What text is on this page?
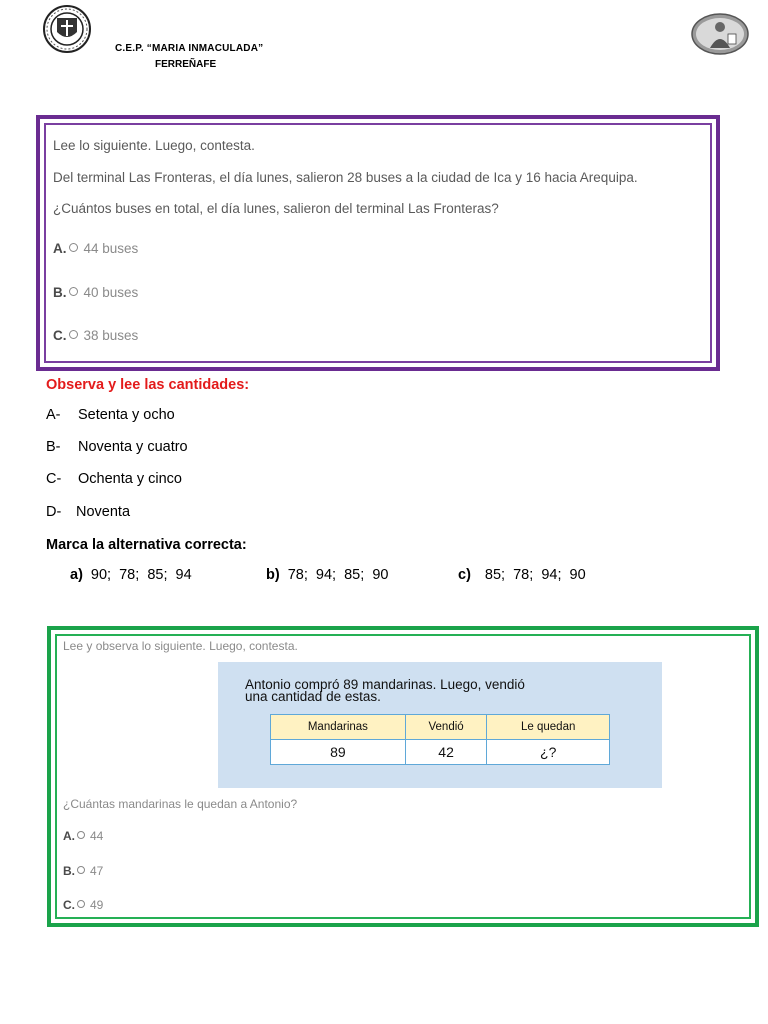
C.E.P. “MARIA INMACULADA”
FERREÑAFE
Lee lo siguiente. Luego, contesta.
Del terminal Las Fronteras, el día lunes, salieron 28 buses a la ciudad de Ica y 16 hacia Arequipa.
¿Cuántos buses en total, el día lunes, salieron del terminal Las Fronteras?
A. 44 buses
B. 40 buses
C. 38 buses
Observa y lee las cantidades:
A- Setenta y ocho
B- Noventa y cuatro
C- Ochenta y cinco
D- Noventa
Marca la alternativa correcta:
a) 90;  78;  85;  94	b) 78;  94;  85;  90	c) 85;  78;  94;  90
Lee y observa lo siguiente. Luego, contesta.
Antonio compró 89 mandarinas. Luego, vendió
una cantidad de estas.
Mandarinas	Vendió	Le quedan
89	42	¿?
¿Cuántas mandarinas le quedan a Antonio?
A. 44
B. 47
C. 49
